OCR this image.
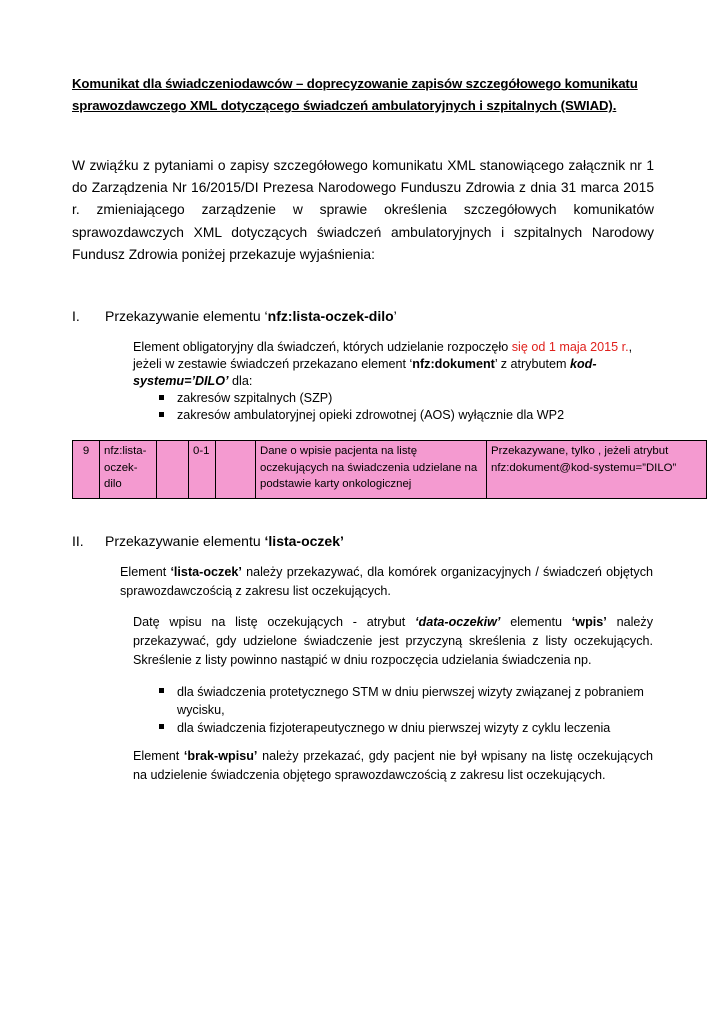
Komunikat dla świadczeniodawców – doprecyzowanie zapisów szczegółowego komunikatu sprawozdawczego XML dotyczącego świadczeń ambulatoryjnych i szpitalnych (SWIAD).
W zwiąźku z pytaniami o zapisy szczegółowego komunikatu XML stanowiącego załącznik nr 1 do Zarządzenia Nr 16/2015/DI Prezesa Narodowego Funduszu Zdrowia z dnia 31 marca 2015 r. zmieniającego zarządzenie w sprawie określenia szczegółowych komunikatów sprawozdawczych XML dotyczących świadczeń ambulatoryjnych i szpitalnych Narodowy Fundusz Zdrowia poniżej przekazuje wyjaśnienia:
I. Przekazywanie elementu ‘nfz:lista-oczek-dilo’
Element obligatoryjny dla świadczeń, których udzielanie rozpoczęło się od 1 maja 2015 r., jeżeli w zestawie świadczeń przekazano element ‘nfz:dokument’ z atrybutem kod-systemu=’DILO’ dla:
zakresów szpitalnych (SZP)
zakresów ambulatoryjnej opieki zdrowotnej (AOS) wyłącznie dla WP2
9	nfz:lista-oczek-dilo		0-1		Dane o wpisie pacjenta na listę oczekujących na świadczenia udzielane na podstawie karty onkologicznej	Przekazywane, tylko , jeżeli atrybut nfz:dokument@kod-systemu=”DILO”
II. Przekazywanie elementu ‘lista-oczek’
Element ‘lista-oczek’ należy przekazywać, dla komórek organizacyjnych / świadczeń objętych sprawozdawczością z zakresu list oczekujących.
Datę wpisu na listę oczekujących - atrybut ‘data-oczekiw’ elementu ‘wpis’ należy przekazywać, gdy udzielone świadczenie jest przyczyną skreślenia z listy oczekujących. Skreślenie z listy powinno nastąpić w dniu rozpoczęcia udzielania świadczenia np.
dla świadczenia protetycznego STM w dniu pierwszej wizyty związanej z pobraniem wycisku,
dla świadczenia fizjoterapeutycznego w dniu pierwszej wizyty z cyklu leczenia
Element ‘brak-wpisu’ należy przekazać, gdy pacjent nie był wpisany na listę oczekujących na udzielenie świadczenia objętego sprawozdawczością z zakresu list oczekujących.
